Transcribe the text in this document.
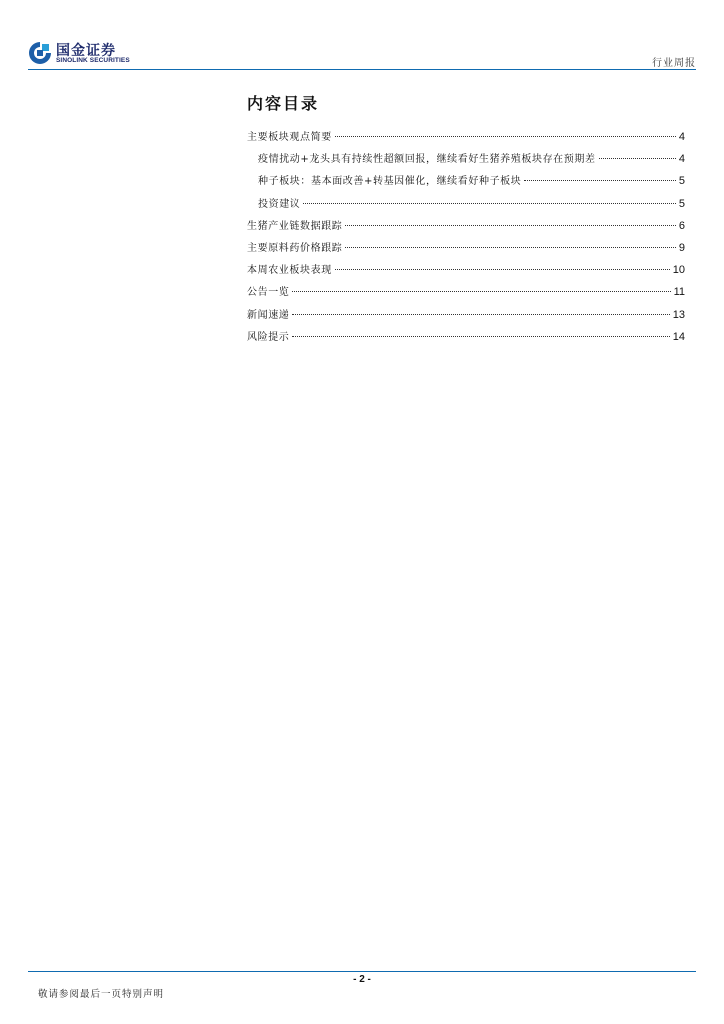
国金证券
SINOLINK SECURITIES	行业周报
内容目录
主要板块观点简要	4
疫情扰动+龙头具有持续性超额回报，继续看好生猪养殖板块存在预期差	4
种子板块：基本面改善+转基因催化，继续看好种子板块	5
投资建议	5
生猪产业链数据跟踪	6
主要原料药价格跟踪	9
本周农业板块表现	10
公告一览	11
新闻速递	13
风险提示	14
- 2 -
敬请参阅最后一页特别声明
